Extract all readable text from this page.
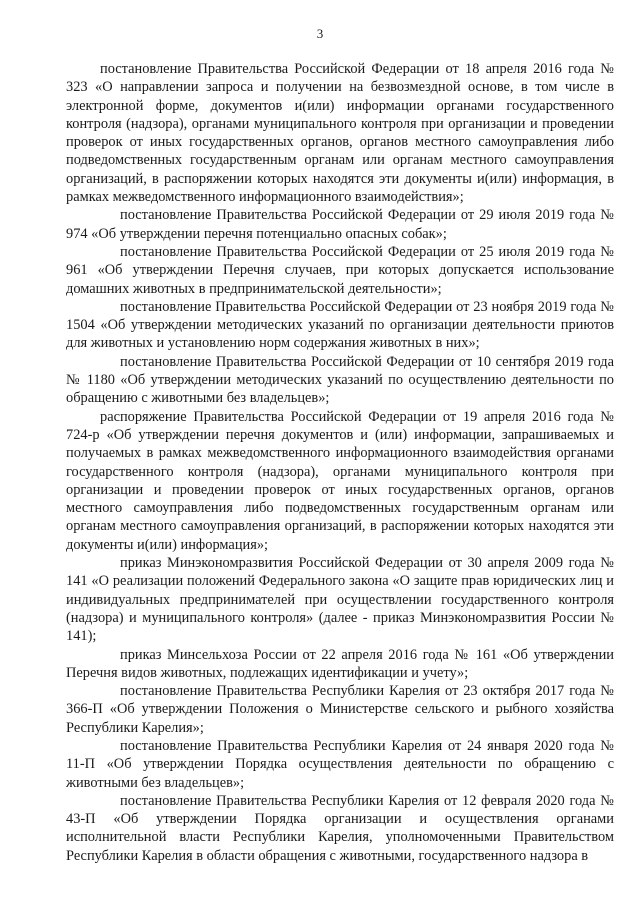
3

постановление Правительства Российской Федерации от 18 апреля 2016 года № 323 «О направлении запроса и получении на безвозмездной основе, в том числе в электронной форме, документов и(или) информации органами государственного контроля (надзора), органами муниципального контроля при организации и проведении проверок от иных государственных органов, органов местного самоуправления либо подведомственных государственным органам или органам местного самоуправления организаций, в распоряжении которых находятся эти документы и(или) информация, в рамках межведомственного информационного взаимодействия»;

постановление Правительства Российской Федерации от 29 июля 2019 года № 974 «Об утверждении перечня потенциально опасных собак»;

постановление Правительства Российской Федерации от 25 июля 2019 года № 961 «Об утверждении Перечня случаев, при которых допускается использование домашних животных в предпринимательской деятельности»;

постановление Правительства Российской Федерации от 23 ноября 2019 года № 1504 «Об утверждении методических указаний по организации деятельности приютов для животных и установлению норм содержания животных в них»;

постановление Правительства Российской Федерации от 10 сентября 2019 года № 1180 «Об утверждении методических указаний по осуществлению деятельности по обращению с животными без владельцев»;

распоряжение Правительства Российской Федерации от 19 апреля 2016 года № 724-р «Об утверждении перечня документов и (или) информации, запрашиваемых и получаемых в рамках межведомственного информационного взаимодействия органами государственного контроля (надзора), органами муниципального контроля при организации и проведении проверок от иных государственных органов, органов местного самоуправления либо подведомственных государственным органам или органам местного самоуправления организаций, в распоряжении которых находятся эти документы и(или) информация»;

приказ Минэкономразвития Российской Федерации от 30 апреля 2009 года № 141 «О реализации положений Федерального закона «О защите прав юридических лиц и индивидуальных предпринимателей при осуществлении государственного контроля (надзора) и муниципального контроля» (далее - приказ Минэкономразвития России № 141);

приказ Минсельхоза России от 22 апреля 2016 года № 161 «Об утверждении Перечня видов животных, подлежащих идентификации и учету»;

постановление Правительства Республики Карелия от 23 октября 2017 года № 366-П «Об утверждении Положения о Министерстве сельского и рыбного хозяйства Республики Карелия»;

постановление Правительства Республики Карелия от 24 января 2020 года № 11-П «Об утверждении Порядка осуществления деятельности по обращению с животными без владельцев»;

постановление Правительства Республики Карелия от 12 февраля 2020 года № 43-П «Об утверждении Порядка организации и осуществления органами исполнительной власти Республики Карелия, уполномоченными Правительством Республики Карелия в области обращения с животными, государственного надзора в
